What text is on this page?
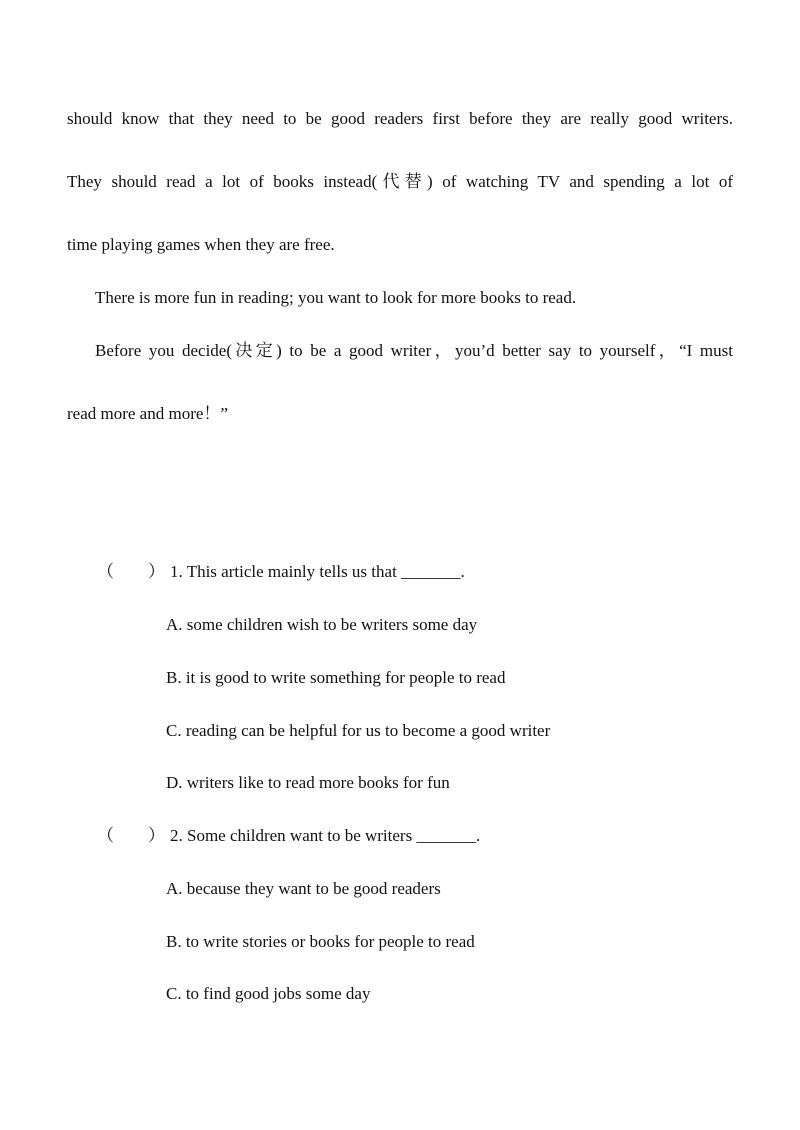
should know that they need to be good readers first before they are really good writers.
They should read a lot of books instead(代替) of watching TV and spending a lot of
time playing games when they are free.
There is more fun in reading; you want to look for more books to read.
Before you decide(决定) to be a good writer，you’d better say to yourself，“I must
read more and more！”
（        ） 1. This article mainly tells us that _______.
A. some children wish to be writers some day
B. it is good to write something for people to read
C. reading can be helpful for us to become a good writer
D. writers like to read more books for fun
（        ） 2. Some children want to be writers _______.
A. because they want to be good readers
B. to write stories or books for people to read
C. to find good jobs some day
